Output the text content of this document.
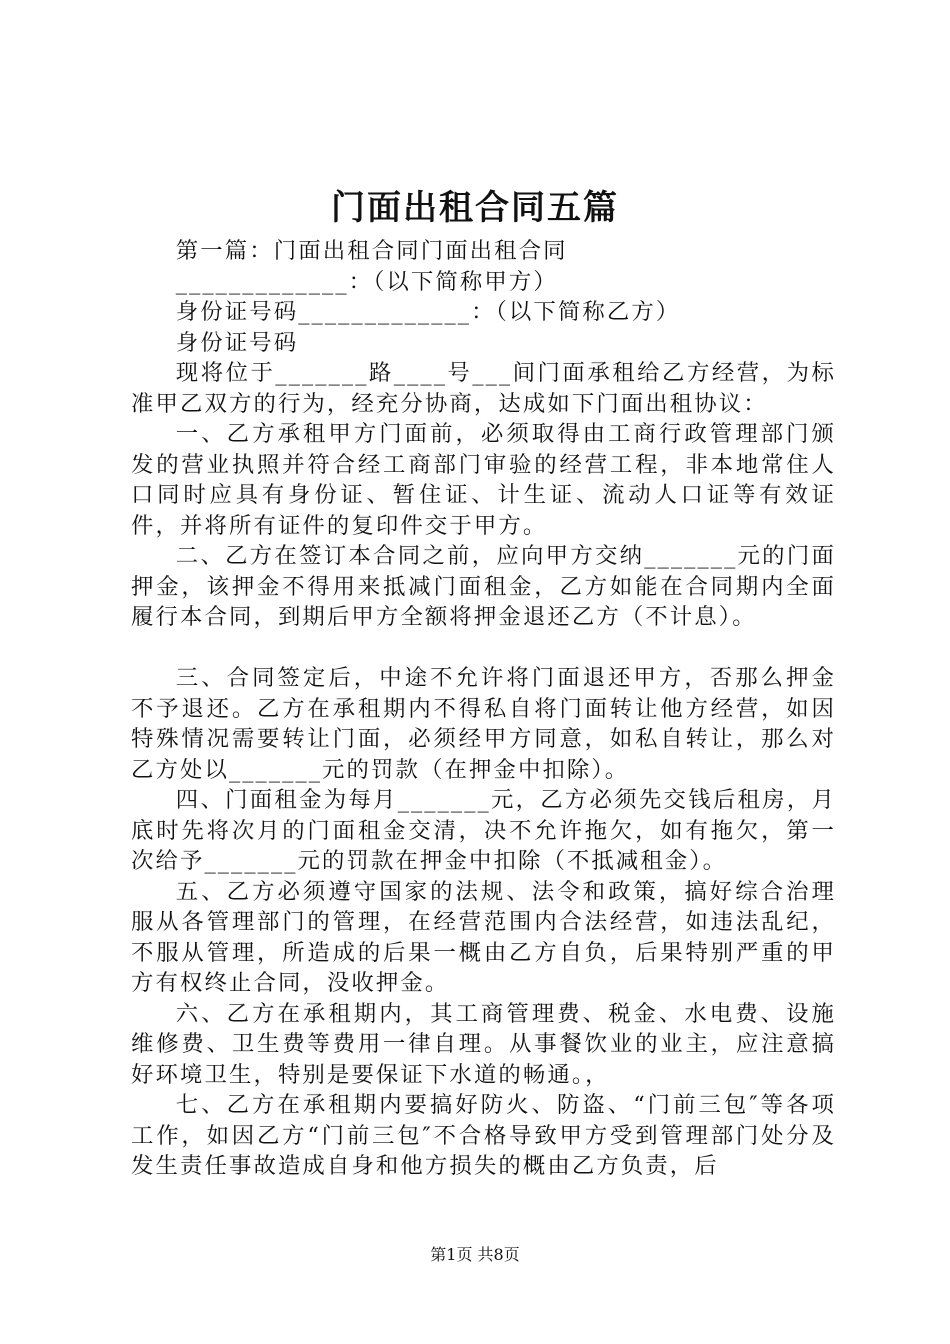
门面出租合同五篇

第一篇：门面出租合同门面出租合同

_____________：（以下简称甲方）

身份证号码_____________：（以下简称乙方）

身份证号码

现将位于_______路____号___间门面承租给乙方经营，为标准甲乙双方的行为，经充分协商，达成如下门面出租协议：

一、乙方承租甲方门面前，必须取得由工商行政管理部门颁发的营业执照并符合经工商部门审验的经营工程，非本地常住人口同时应具有身份证、暂住证、计生证、流动人口证等有效证件，并将所有证件的复印件交于甲方。

二、乙方在签订本合同之前，应向甲方交纳_______元的门面押金，该押金不得用来抵减门面租金，乙方如能在合同期内全面履行本合同，到期后甲方全额将押金退还乙方（不计息）。

三、合同签定后，中途不允许将门面退还甲方，否那么押金不予退还。乙方在承租期内不得私自将门面转让他方经营，如因特殊情况需要转让门面，必须经甲方同意，如私自转让，那么对乙方处以_______元的罚款（在押金中扣除）。

四、门面租金为每月_______元，乙方必须先交钱后租房，月底时先将次月的门面租金交清，决不允许拖欠，如有拖欠，第一次给予_______元的罚款在押金中扣除（不抵减租金）。

五、乙方必须遵守国家的法规、法令和政策，搞好综合治理服从各管理部门的管理，在经营范围内合法经营，如违法乱纪，不服从管理，所造成的后果一概由乙方自负，后果特别严重的甲方有权终止合同，没收押金。

六、乙方在承租期内，其工商管理费、税金、水电费、设施维修费、卫生费等费用一律自理。从事餐饮业的业主，应注意搞好环境卫生，特别是要保证下水道的畅通。，

七、乙方在承租期内要搞好防火、防盗、“门前三包″等各项工作，如因乙方“门前三包″不合格导致甲方受到管理部门处分及发生责任事故造成自身和他方损失的概由乙方负责，后

第1页 共8页
